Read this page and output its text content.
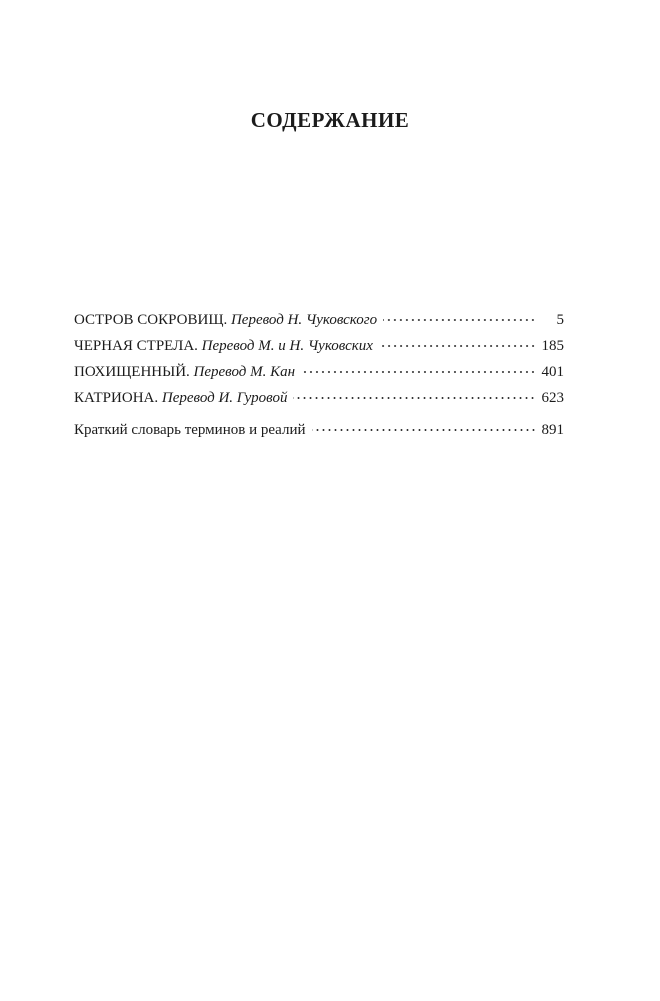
СОДЕРЖАНИЕ
ОСТРОВ СОКРОВИЩ. Перевод Н. Чуковского	5
ЧЕРНАЯ СТРЕЛА. Перевод М. и Н. Чуковских	185
ПОХИЩЕННЫЙ. Перевод М. Кан	401
КАТРИОНА. Перевод И. Гуровой	623
Краткий словарь терминов и реалий	891
